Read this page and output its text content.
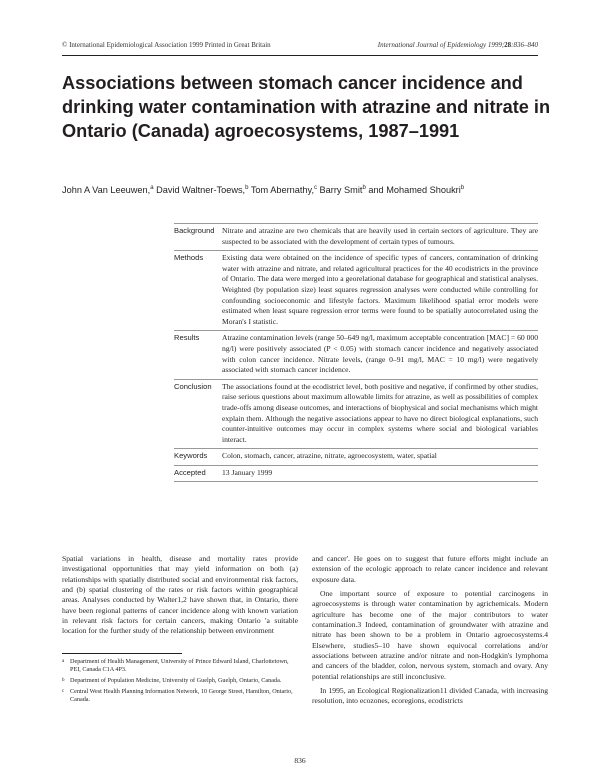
© International Epidemiological Association 1999 Printed in Great Britain	International Journal of Epidemiology 1999;28:836–840
Associations between stomach cancer incidence and drinking water contamination with atrazine and nitrate in Ontario (Canada) agroecosystems, 1987–1991
John A Van Leeuwen,$^a$ David Waltner-Toews,$^b$ Tom Abernathy,$^c$ Barry Smit$^b$ and Mohamed Shoukri$^b$
Background Nitrate and atrazine are two chemicals that are heavily used in certain sectors of agriculture. They are suspected to be associated with the development of certain types of tumours.
Methods	Existing data were obtained on the incidence of specific types of cancers, contamination of drinking water with atrazine and nitrate, and related agricultural practices for the 40 ecodistricts in the province of Ontario. The data were merged into a georelational database for geographical and statistical analyses. Weighted (by population size) least squares regression analyses were conducted while controlling for confounding socioeconomic and lifestyle factors. Maximum likelihood spatial error models were estimated when least square regression error terms were found to be spatially autocorrelated using the Moran's I statistic.
Results	Atrazine contamination levels (range 50–649 ng/l, maximum acceptable concentration [MAC] = 60 000 ng/l) were positively associated (P < 0.05) with stomach cancer incidence and negatively associated with colon cancer incidence. Nitrate levels, (range 0–91 mg/l, MAC = 10 mg/l) were negatively associated with stomach cancer incidence.
Conclusion	The associations found at the ecodistrict level, both positive and negative, if confirmed by other studies, raise serious questions about maximum allowable limits for atrazine, as well as possibilities of complex trade-offs among disease outcomes, and interactions of biophysical and social mechanisms which might explain them. Although the negative associations appear to have no direct biological explanations, such counter-intuitive outcomes may occur in complex systems where social and biological variables interact.
Keywords	Colon, stomach, cancer, atrazine, nitrate, agroecosystem, water, spatial
Accepted	13 January 1999

Spatial variations in health, disease and mortality rates provide investigational opportunities that may yield information on both (a) relationships with spatially distributed social and environmental risk factors, and (b) spatial clustering of the rates or risk factors within geographical areas. Analyses conducted by Walter1,2 have shown that, in Ontario, there have been regional patterns of cancer incidence along with known variation in relevant risk factors for certain cancers, making Ontario 'a suitable location for the further study of the relationship between environment

and cancer'. He goes on to suggest that future efforts might include an extension of the ecologic approach to relate cancer incidence and relevant exposure data.

One important source of exposure to potential carcinogens in agroecosystems is through water contamination by agrichemicals. Modern agriculture has become one of the major contributors to water contamination.3 Indeed, contamination of groundwater with atrazine and nitrate has been shown to be a problem in Ontario agroecosystems.4 Elsewhere, studies5–10 have shown equivocal correlations and/or associations between atrazine and/or nitrate and non-Hodgkin's lymphoma and cancers of the bladder, colon, nervous system, stomach and ovary. Any potential relationships are still inconclusive.

In 1995, an Ecological Regionalization11 divided Canada, with increasing resolution, into ecozones, ecoregions, ecodistricts

a Department of Health Management, University of Prince Edward Island, Charlottetown, PEI, Canada C1A 4P3.
b Department of Population Medicine, University of Guelph, Guelph, Ontario, Canada.
c Central West Health Planning Information Network, 10 George Street, Hamilton, Ontario, Canada.
836
